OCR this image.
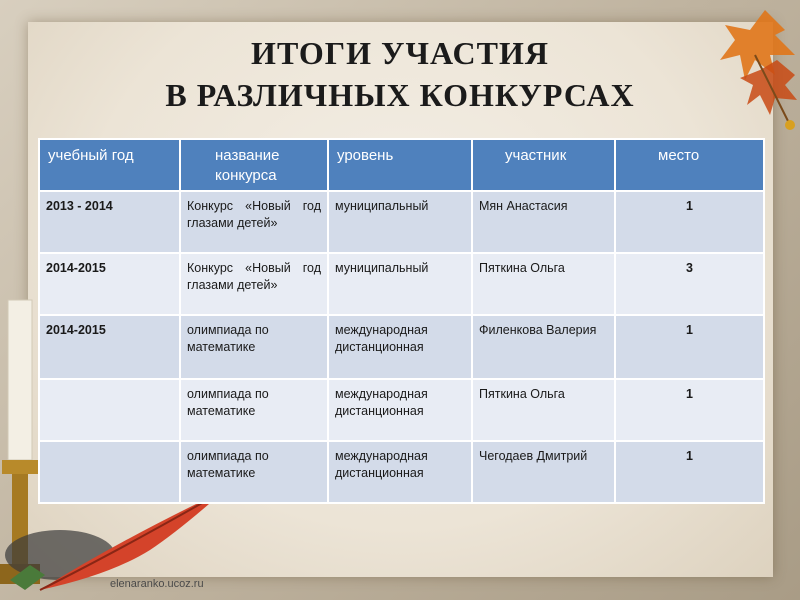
ИТОГИ УЧАСТИЯ
В РАЗЛИЧНЫХ КОНКУРСАХ
учебный год	название конкурса	уровень	участник	место
2013 - 2014	Конкурс «Новый год глазами детей»	муниципальный	Мян Анастасия	1
2014-2015	Конкурс «Новый год глазами детей»	муниципальный	Пяткина Ольга	3
2014-2015	олимпиада по математике	международная дистанционная	Филенкова Валерия	1
	олимпиада по математике	международная дистанционная	Пяткина Ольга	1
	олимпиада по математике	международная дистанционная	Чегодаев Дмитрий	1
elenaranko.ucoz.ru
